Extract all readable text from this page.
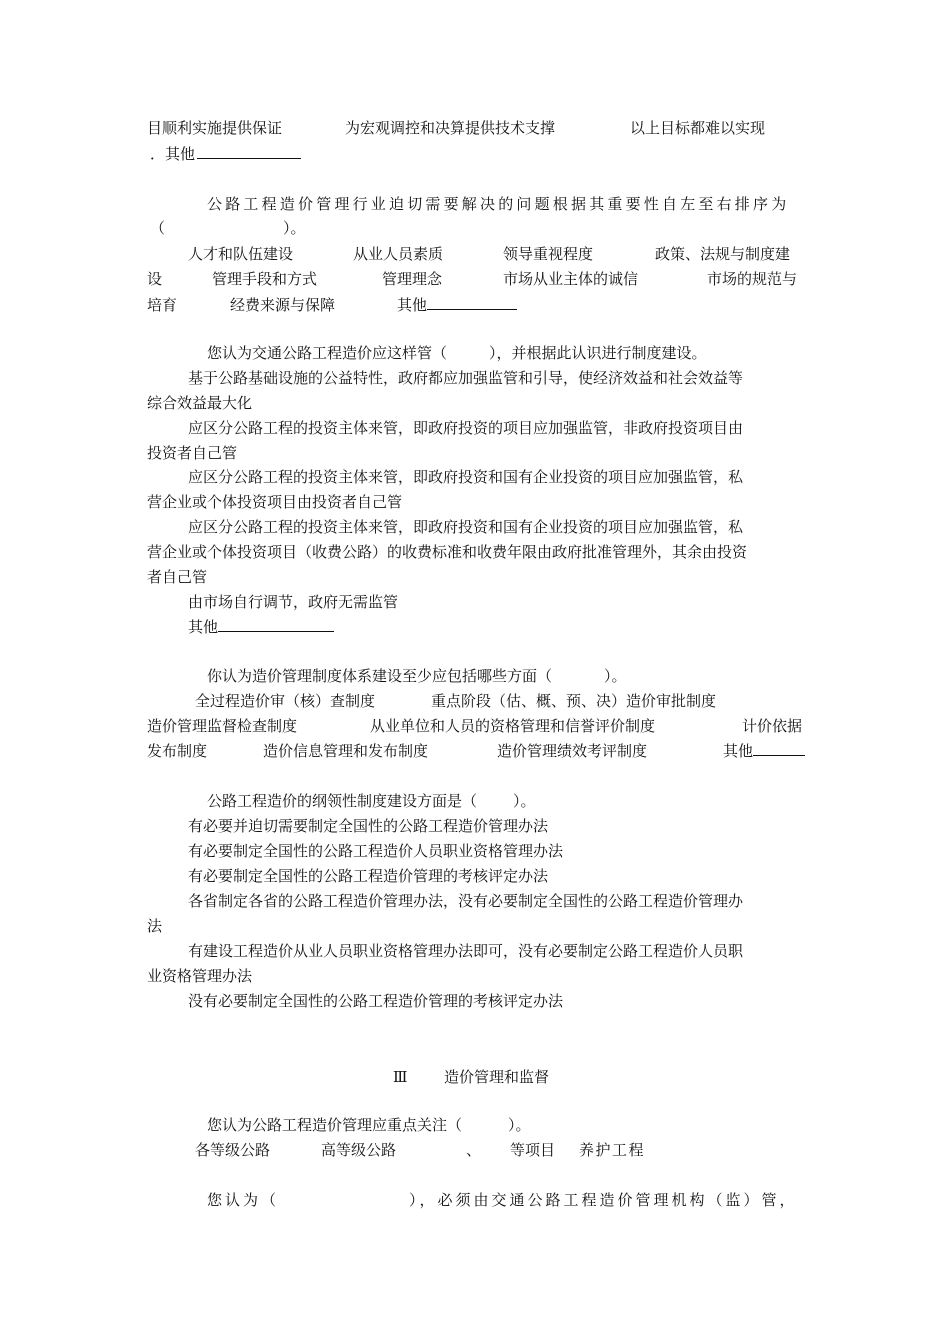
目顺利实施提供保证	为宏观调控和决算提供技术支撑	以上目标都难以实现
．其他
公路工程造价管理行业迫切需要解决的问题根据其重要性自左至右排序为
（	）。
人才和队伍建设	从业人员素质	领导重视程度	政策、法规与制度建
设	管理手段和方式	管理理念	市场从业主体的诚信	市场的规范与
培育	经费来源与保障	其他
您认为交通公路工程造价应这样管（	），并根据此认识进行制度建设。
基于公路基础设施的公益特性，政府都应加强监管和引导，使经济效益和社会效益等
综合效益最大化
应区分公路工程的投资主体来管，即政府投资的项目应加强监管，非政府投资项目由
投资者自己管
应区分公路工程的投资主体来管，即政府投资和国有企业投资的项目应加强监管，私
营企业或个体投资项目由投资者自己管
应区分公路工程的投资主体来管，即政府投资和国有企业投资的项目应加强监管，私
营企业或个体投资项目（收费公路）的收费标准和收费年限由政府批准管理外，其余由投资
者自己管
由市场自行调节，政府无需监管
其他
你认为造价管理制度体系建设至少应包括哪些方面（	）。
全过程造价审（核）查制度	重点阶段（估、概、预、决）造价审批制度
造价管理监督检查制度	从业单位和人员的资格管理和信誉评价制度	计价依据
发布制度	造价信息管理和发布制度	造价管理绩效考评制度	其他
公路工程造价的纲领性制度建设方面是（ ）。
有必要并迫切需要制定全国性的公路工程造价管理办法
有必要制定全国性的公路工程造价人员职业资格管理办法
有必要制定全国性的公路工程造价管理的考核评定办法
各省制定各省的公路工程造价管理办法，没有必要制定全国性的公路工程造价管理办
法
有建设工程造价从业人员职业资格管理办法即可，没有必要制定公路工程造价人员职
业资格管理办法
没有必要制定全国性的公路工程造价管理的考核评定办法
Ⅲ 造价管理和监督
您认为公路工程造价管理应重点关注（	）。
各等级公路	高等级公路	、 等项目 养护工程
您认为（	），必须由交通公路工程造价管理机构（监）管，
